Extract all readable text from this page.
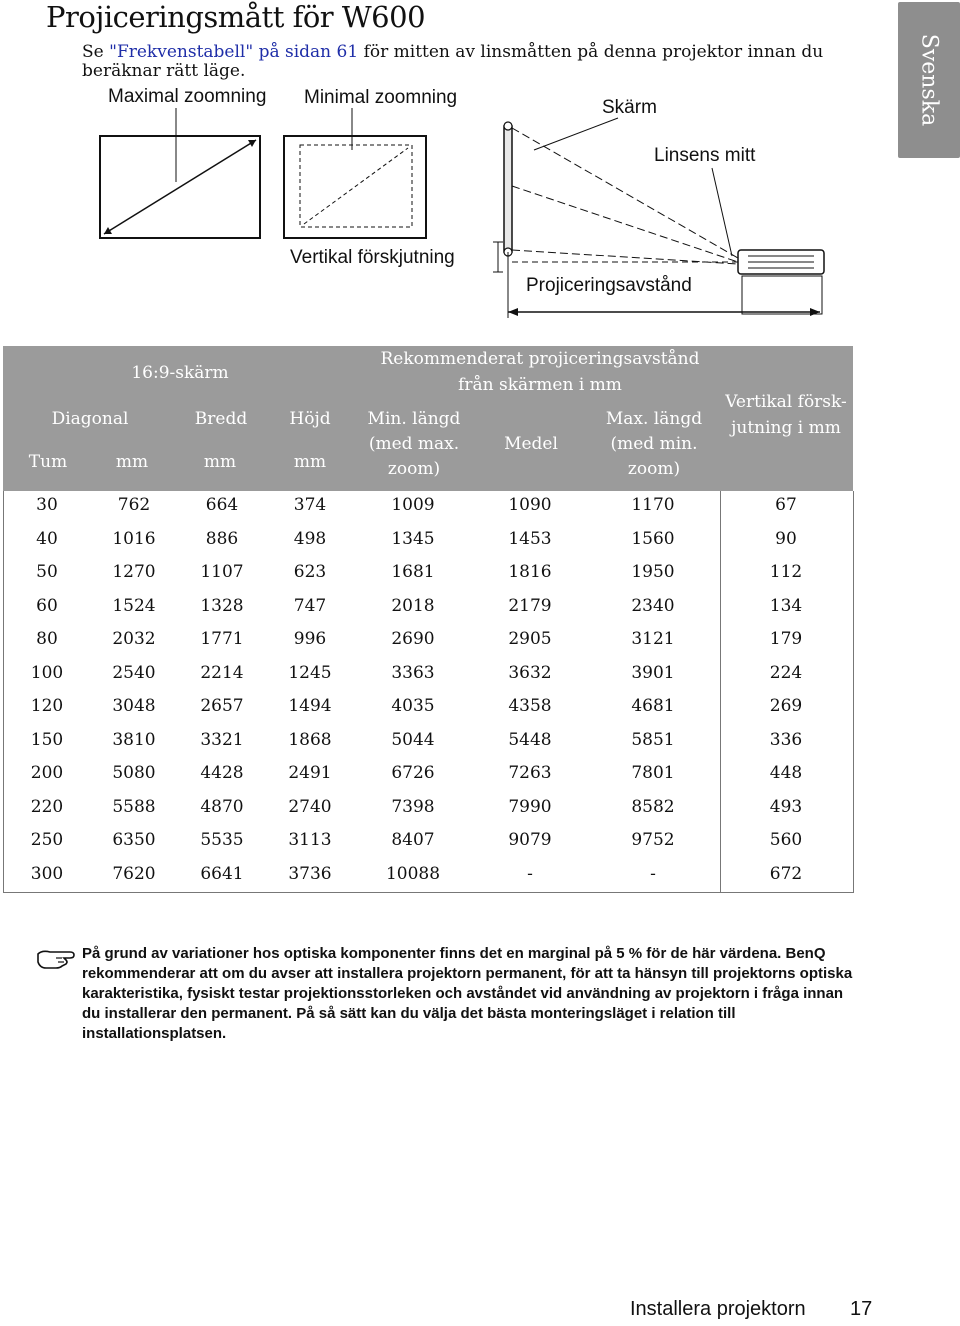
Projiceringsmått för W600
Se "Frekvenstabell" på sidan 61 för mitten av linsmåtten på denna projektor innan du beräknar rätt läge.	Svenska
Maximal zoomning Minimal zoomning	Skärm
Linsens mitt
Vertikal förskjutning
Projiceringsavstånd
16:9-skärm
Diagonal	Bredd	Höjd
Tum	mm	mm	mm
Rekommenderat projiceringsavstånd
från skärmen i mm
Min. längd
(med max.
zoom)
Medel
Max. längd
(med min.
zoom)
Vertikal försk-
jutning i mm
30	762	664	374	1009	1090	1170	67
40	1016	886	498	1345	1453	1560	90
50	1270	1107	623	1681	1816	1950	112
60	1524	1328	747	2018	2179	2340	134
80	2032	1771	996	2690	2905	3121	179
100	2540	2214	1245	3363	3632	3901	224
120	3048	2657	1494	4035	4358	4681	269
150	3810	3321	1868	5044	5448	5851	336
200	5080	4428	2491	6726	7263	7801	448
220	5588	4870	2740	7398	7990	8582	493
250	6350	5535	3113	8407	9079	9752	560
300	7620	6641	3736	10088	-	-	672
På grund av variationer hos optiska komponenter finns det en marginal på 5 % för de här värdena. BenQ rekommenderar att om du avser att installera projektorn permanent, för att ta hänsyn till projektorns optiska karakteristika, fysiskt testar projektionsstorleken och avståndet vid användning av projektorn i fråga innan du installerar den permanent. På så sätt kan du välja det bästa monteringsläget i relation till installationsplatsen.
Installera projektorn 17
